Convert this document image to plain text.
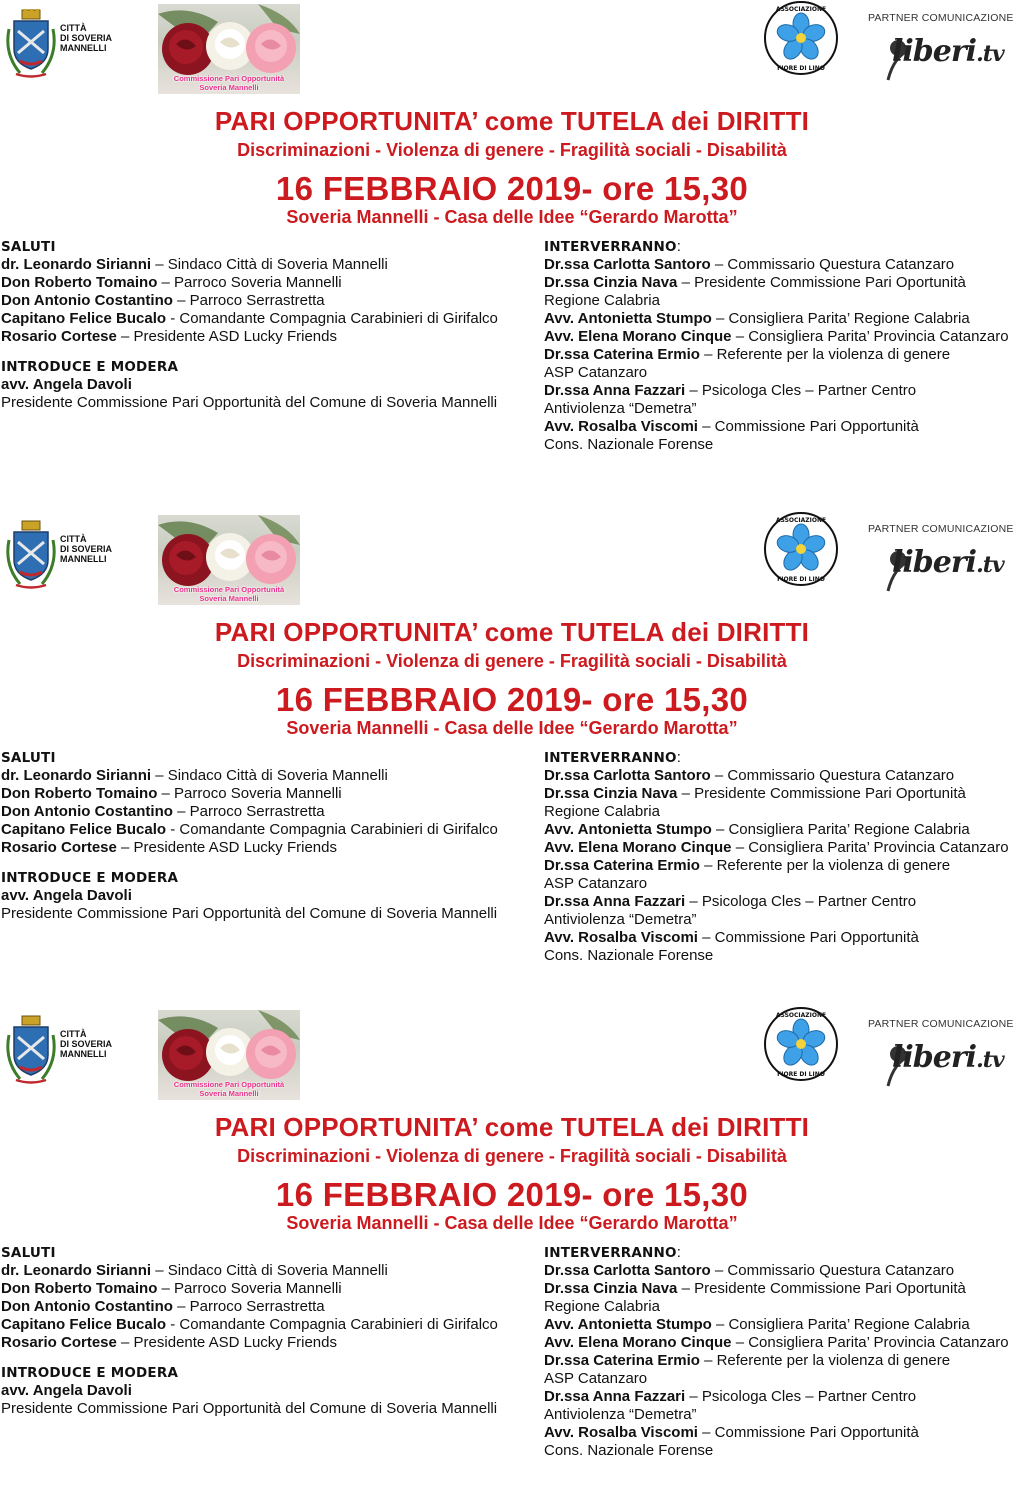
CITTÀ
DI SOVERIA
MANNELLI
Commissione Pari Opportunità
Soveria Mannelli
ASSOCIAZIONE
FIORE DI LINO
PARTNER COMUNICAZIONE
liberi.tv
PARI OPPORTUNITA’ come TUTELA dei DIRITTI
Discriminazioni - Violenza di genere - Fragilità sociali - Disabilità
16 FEBBRAIO 2019- ore 15,30
Soveria Mannelli - Casa delle Idee “Gerardo Marotta”
SALUTI
dr. Leonardo Sirianni – Sindaco Città di Soveria Mannelli
Don Roberto Tomaino – Parroco Soveria Mannelli
Don Antonio Costantino – Parroco Serrastretta
Capitano Felice Bucalo - Comandante Compagnia Carabinieri di Girifalco
Rosario Cortese – Presidente ASD Lucky Friends
INTRODUCE E MODERA
avv. Angela Davoli
Presidente Commissione Pari Opportunità del Comune di Soveria Mannelli
INTERVERRANNO:
Dr.ssa Carlotta Santoro – Commissario Questura Catanzaro
Dr.ssa Cinzia Nava – Presidente Commissione Pari Oportunità
Regione Calabria
Avv. Antonietta Stumpo – Consigliera Parita’ Regione Calabria
Avv. Elena Morano Cinque – Consigliera Parita’ Provincia Catanzaro
Dr.ssa Caterina Ermio – Referente per la violenza di genere
ASP Catanzaro
Dr.ssa Anna Fazzari – Psicologa Cles – Partner Centro
Antiviolenza “Demetra”
Avv. Rosalba Viscomi – Commissione Pari Opportunità
Cons. Nazionale Forense
CITTÀ
DI SOVERIA
MANNELLI
Commissione Pari Opportunità
Soveria Mannelli
ASSOCIAZIONE
FIORE DI LINO
PARTNER COMUNICAZIONE
liberi.tv
PARI OPPORTUNITA’ come TUTELA dei DIRITTI
Discriminazioni - Violenza di genere - Fragilità sociali - Disabilità
16 FEBBRAIO 2019- ore 15,30
Soveria Mannelli - Casa delle Idee “Gerardo Marotta”
SALUTI
dr. Leonardo Sirianni – Sindaco Città di Soveria Mannelli
Don Roberto Tomaino – Parroco Soveria Mannelli
Don Antonio Costantino – Parroco Serrastretta
Capitano Felice Bucalo - Comandante Compagnia Carabinieri di Girifalco
Rosario Cortese – Presidente ASD Lucky Friends
INTRODUCE E MODERA
avv. Angela Davoli
Presidente Commissione Pari Opportunità del Comune di Soveria Mannelli
INTERVERRANNO:
Dr.ssa Carlotta Santoro – Commissario Questura Catanzaro
Dr.ssa Cinzia Nava – Presidente Commissione Pari Oportunità
Regione Calabria
Avv. Antonietta Stumpo – Consigliera Parita’ Regione Calabria
Avv. Elena Morano Cinque – Consigliera Parita’ Provincia Catanzaro
Dr.ssa Caterina Ermio – Referente per la violenza di genere
ASP Catanzaro
Dr.ssa Anna Fazzari – Psicologa Cles – Partner Centro
Antiviolenza “Demetra”
Avv. Rosalba Viscomi – Commissione Pari Opportunità
Cons. Nazionale Forense
CITTÀ
DI SOVERIA
MANNELLI
Commissione Pari Opportunità
Soveria Mannelli
ASSOCIAZIONE
FIORE DI LINO
PARTNER COMUNICAZIONE
liberi.tv
PARI OPPORTUNITA’ come TUTELA dei DIRITTI
Discriminazioni - Violenza di genere - Fragilità sociali - Disabilità
16 FEBBRAIO 2019- ore 15,30
Soveria Mannelli - Casa delle Idee “Gerardo Marotta”
SALUTI
dr. Leonardo Sirianni – Sindaco Città di Soveria Mannelli
Don Roberto Tomaino – Parroco Soveria Mannelli
Don Antonio Costantino – Parroco Serrastretta
Capitano Felice Bucalo - Comandante Compagnia Carabinieri di Girifalco
Rosario Cortese – Presidente ASD Lucky Friends
INTRODUCE E MODERA
avv. Angela Davoli
Presidente Commissione Pari Opportunità del Comune di Soveria Mannelli
INTERVERRANNO:
Dr.ssa Carlotta Santoro – Commissario Questura Catanzaro
Dr.ssa Cinzia Nava – Presidente Commissione Pari Oportunità
Regione Calabria
Avv. Antonietta Stumpo – Consigliera Parita’ Regione Calabria
Avv. Elena Morano Cinque – Consigliera Parita’ Provincia Catanzaro
Dr.ssa Caterina Ermio – Referente per la violenza di genere
ASP Catanzaro
Dr.ssa Anna Fazzari – Psicologa Cles – Partner Centro
Antiviolenza “Demetra”
Avv. Rosalba Viscomi – Commissione Pari Opportunità
Cons. Nazionale Forense
